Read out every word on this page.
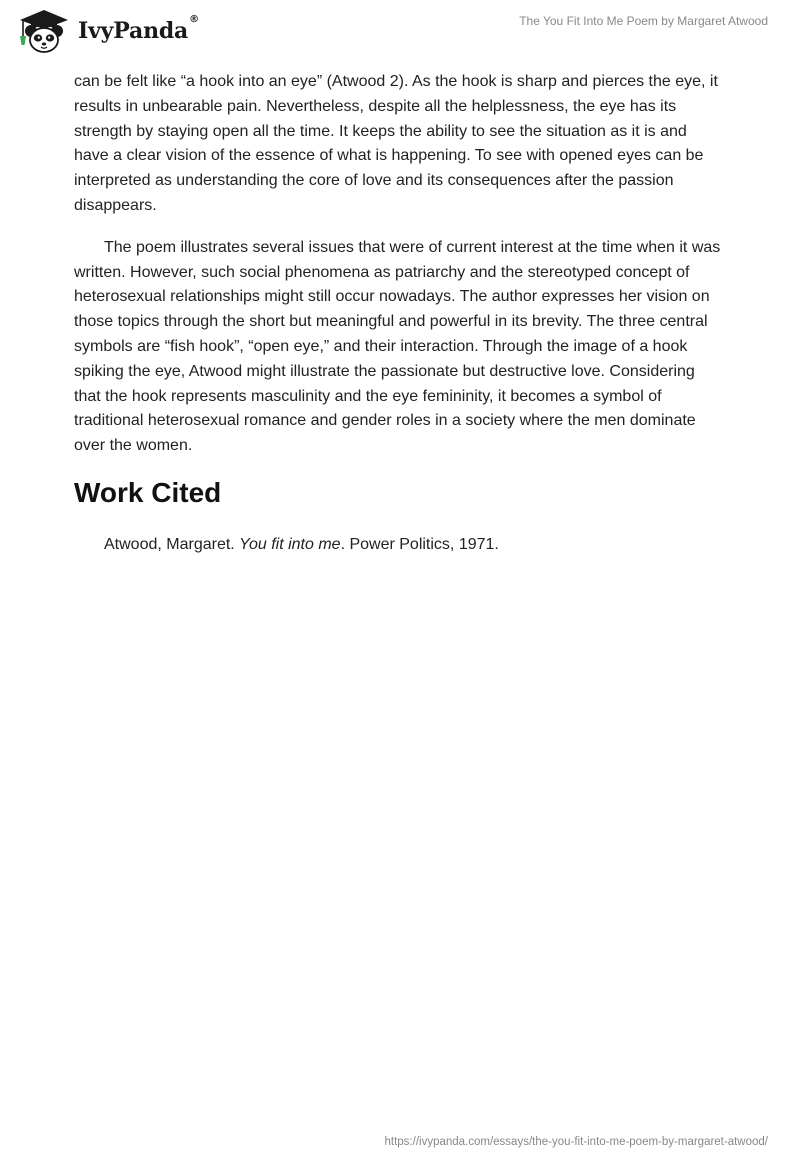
IvyPanda®	The You Fit Into Me Poem by Margaret Atwood

can be felt like “a hook into an eye” (Atwood 2). As the hook is sharp and pierces the eye, it results in unbearable pain. Nevertheless, despite all the helplessness, the eye has its strength by staying open all the time. It keeps the ability to see the situation as it is and have a clear vision of the essence of what is happening. To see with opened eyes can be interpreted as understanding the core of love and its consequences after the passion disappears.

The poem illustrates several issues that were of current interest at the time when it was written. However, such social phenomena as patriarchy and the stereotyped concept of heterosexual relationships might still occur nowadays. The author expresses her vision on those topics through the short but meaningful and powerful in its brevity. The three central symbols are “fish hook”, “open eye,” and their interaction. Through the image of a hook spiking the eye, Atwood might illustrate the passionate but destructive love. Considering that the hook represents masculinity and the eye femininity, it becomes a symbol of traditional heterosexual romance and gender roles in a society where the men dominate over the women.

Work Cited

Atwood, Margaret. You fit into me. Power Politics, 1971.

https://ivypanda.com/essays/the-you-fit-into-me-poem-by-margaret-atwood/
